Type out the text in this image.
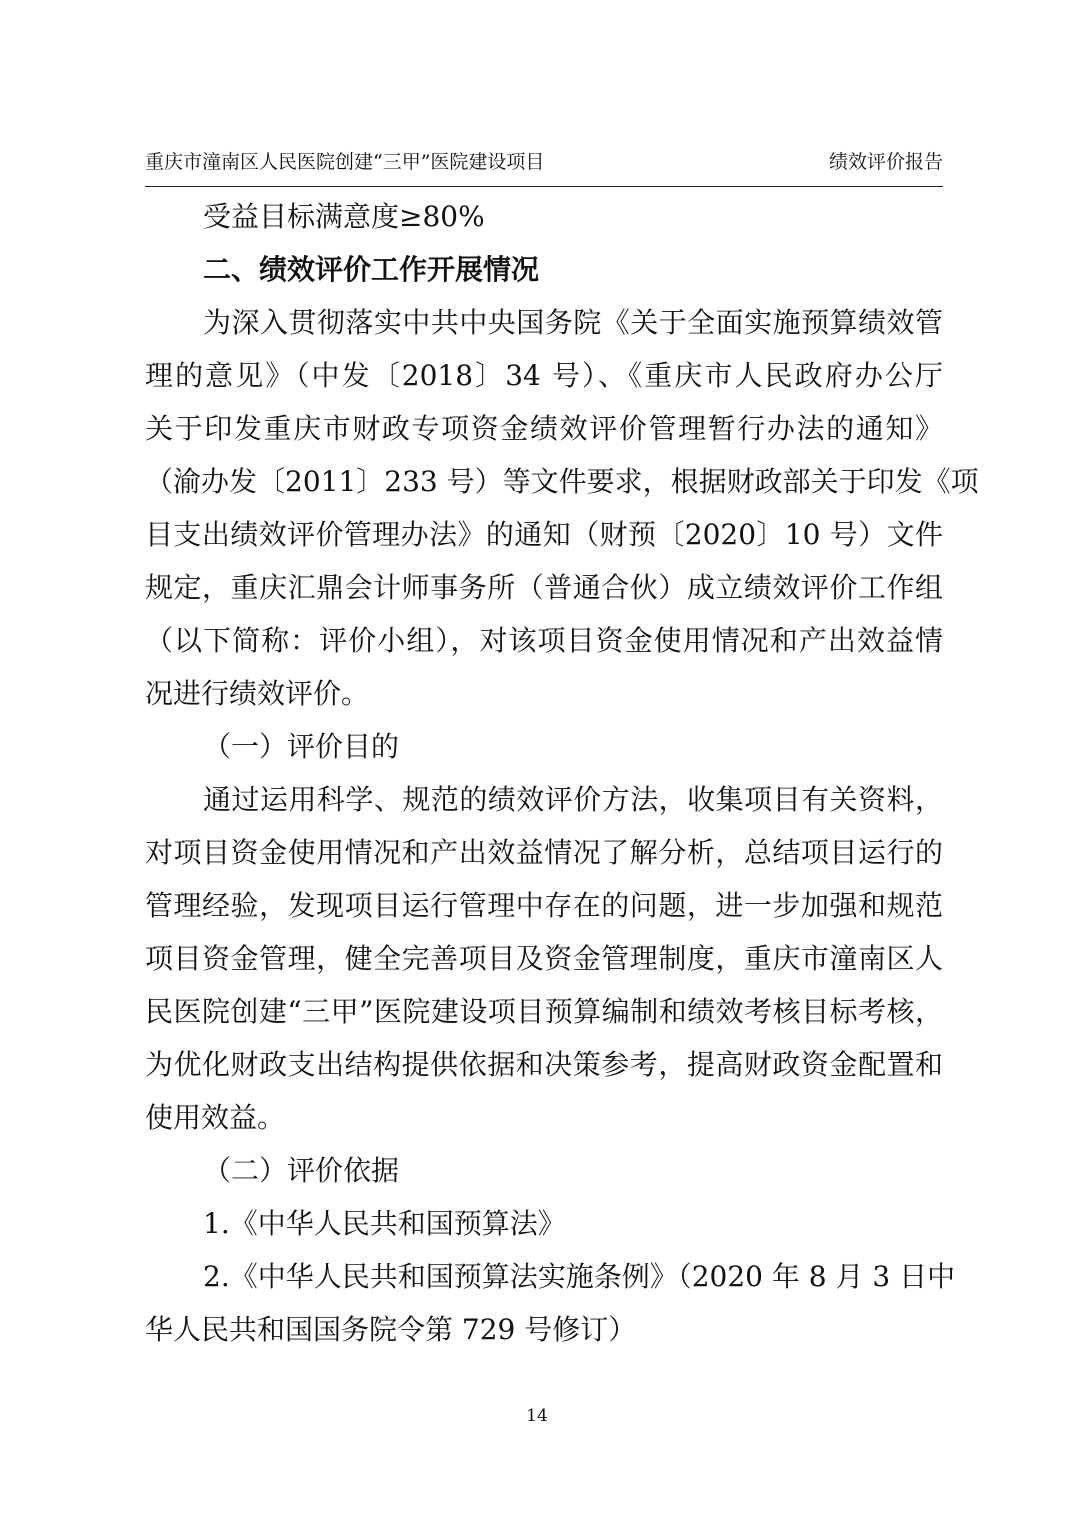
重庆市潼南区人民医院创建“三甲”医院建设项目	绩效评价报告
受益目标满意度≥80%
二、绩效评价工作开展情况
为深入贯彻落实中共中央国务院《关于全面实施预算绩效管
理的意见》（中发〔2018〕34 号）、《重庆市人民政府办公厅
关于印发重庆市财政专项资金绩效评价管理暂行办法的通知》
（渝办发〔2011〕233 号）等文件要求，根据财政部关于印发《项
目支出绩效评价管理办法》的通知（财预〔2020〕10 号）文件
规定，重庆汇鼎会计师事务所（普通合伙）成立绩效评价工作组
（以下简称：评价小组），对该项目资金使用情况和产出效益情
况进行绩效评价。
（一）评价目的
通过运用科学、规范的绩效评价方法，收集项目有关资料，
对项目资金使用情况和产出效益情况了解分析，总结项目运行的
管理经验，发现项目运行管理中存在的问题，进一步加强和规范
项目资金管理，健全完善项目及资金管理制度，重庆市潼南区人
民医院创建“三甲”医院建设项目预算编制和绩效考核目标考核，
为优化财政支出结构提供依据和决策参考，提高财政资金配置和
使用效益。
（二）评价依据
1.《中华人民共和国预算法》
2.《中华人民共和国预算法实施条例》（2020 年 8 月 3 日中
华人民共和国国务院令第 729 号修订）
14
